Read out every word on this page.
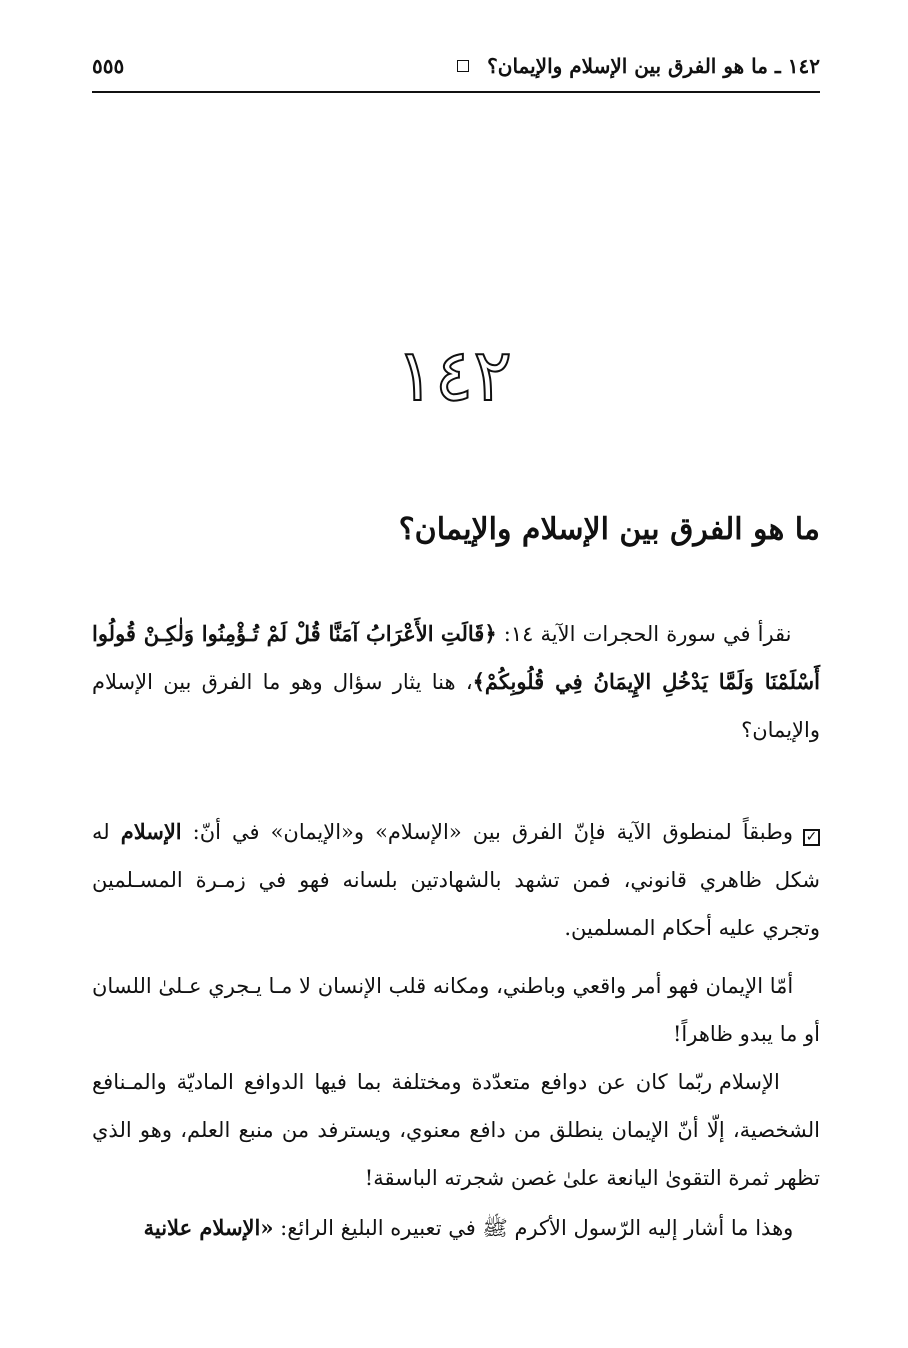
١٤٢ ـ ما هو الفرق بين الإسلام والإيمان؟
٥٥٥
١٤٢
ما هو الفرق بين الإسلام والإيمان؟

نقرأ في سورة الحجرات الآية ١٤: ﴿قَالَتِ الأَعْرَابُ آمَنَّا قُلْ لَمْ تُـؤْمِنُوا وَلٰكِـنْ قُولُوا أَسْلَمْنَا وَلَمَّا يَدْخُلِ الإِيمَانُ فِي قُلُوبِكُمْ﴾، هنا يثار سؤال وهو ما الفرق بين الإسلام والإيمان؟

✓وطبقاً لمنطوق الآية فإنّ الفرق بين «الإسلام» و«الإيمان» في أنّ: الإسلام له شكل ظاهري قانوني، فمن تشهد بالشهادتين بلسانه فهو في زمـرة المسـلمين وتجري عليه أحكام المسلمين.

أمّا الإيمان فهو أمر واقعي وباطني، ومكانه قلب الإنسان لا مـا يـجري عـلىٰ اللسان أو ما يبدو ظاهراً!

الإسلام ربّما كان عن دوافع متعدّدة ومختلفة بما فيها الدوافع الماديّة والمـنافع الشخصية، إلّا أنّ الإيمان ينطلق من دافع معنوي، ويسترفد من منبع العلم، وهو الذي تظهر ثمرة التقوىٰ اليانعة علىٰ غصن شجرته الباسقة!

وهذا ما أشار إليه الرّسول الأكرم ﷺ في تعبيره البليغ الرائع: «الإسلام علانية
